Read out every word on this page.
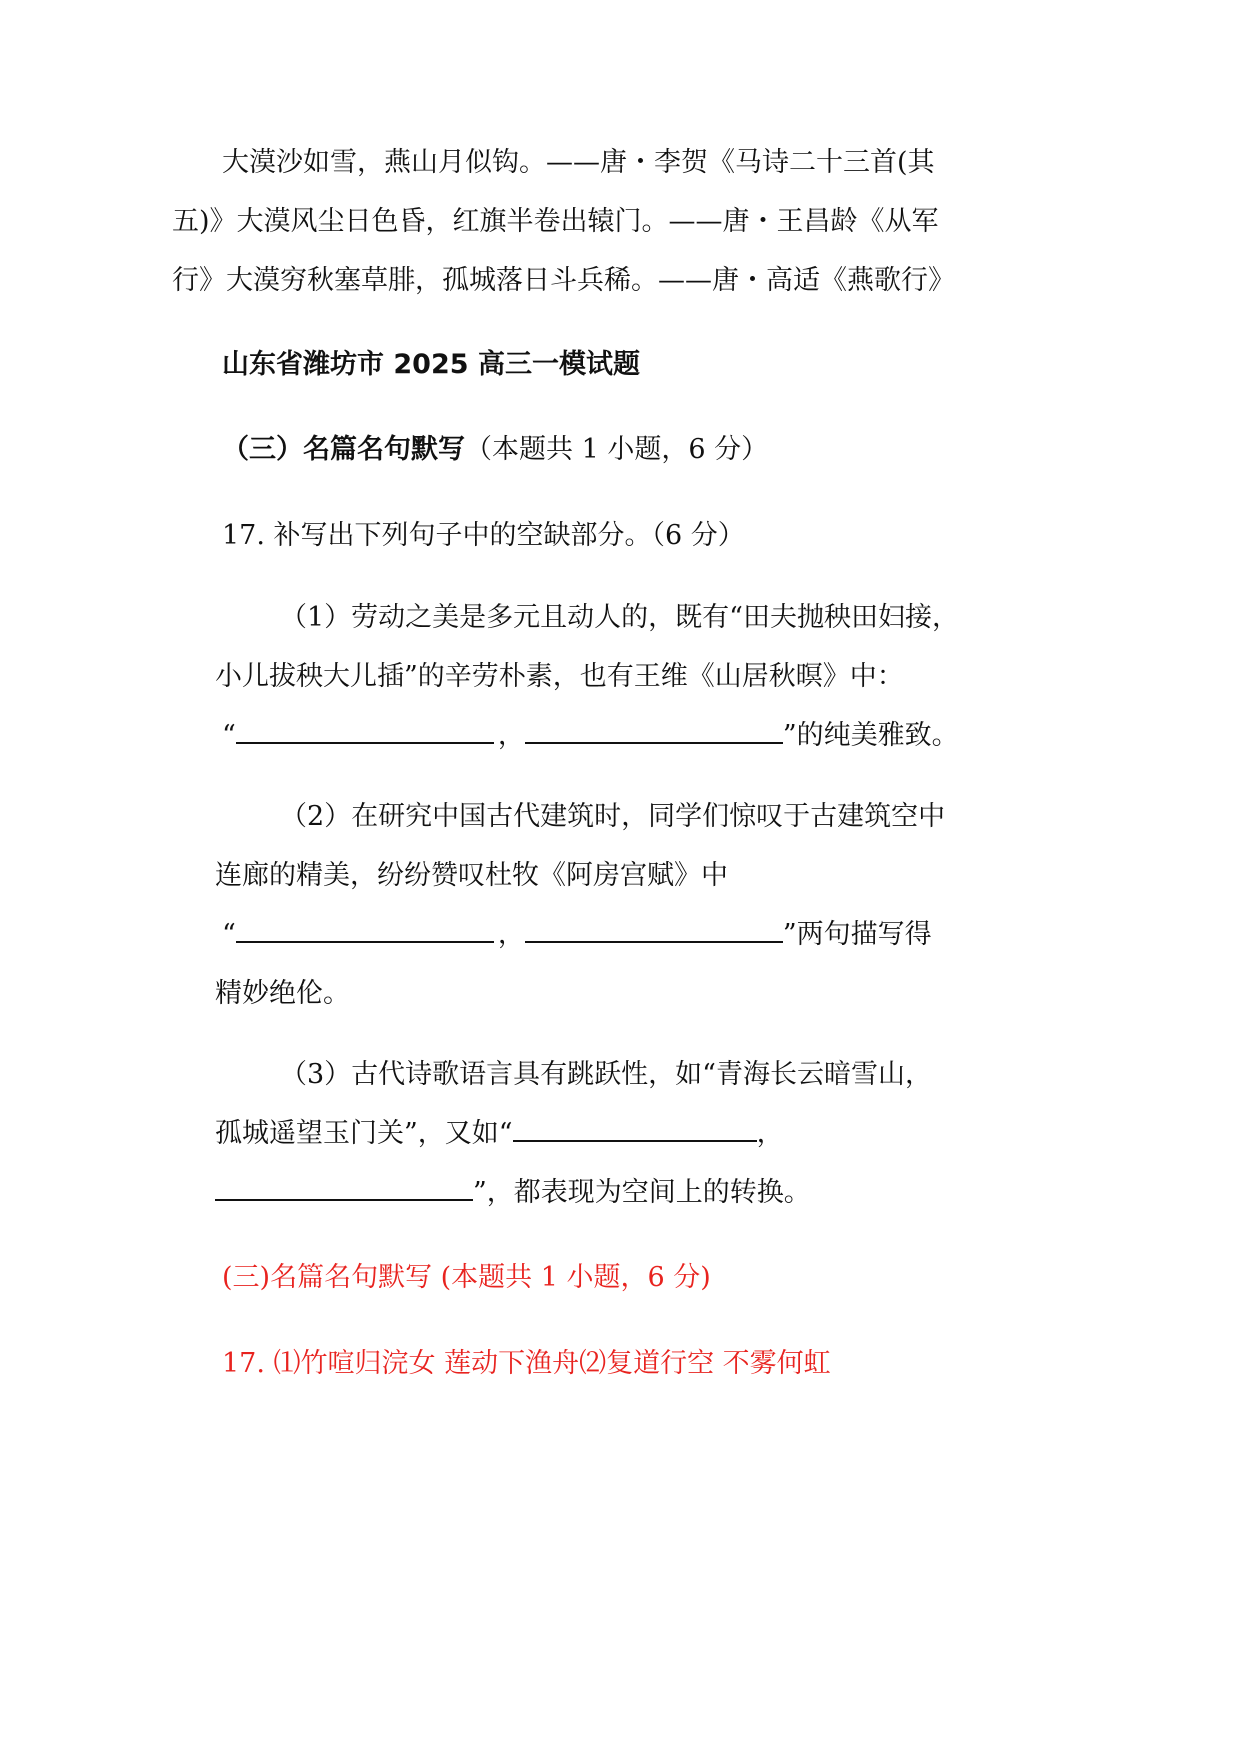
大漠沙如雪，燕山月似钩。——唐・李贺《马诗二十三首(其
五)》大漠风尘日色昏，红旗半卷出辕门。——唐・王昌龄《从军
行》大漠穷秋塞草腓，孤城落日斗兵稀。——唐・高适《燕歌行》
山东省潍坊市 2025 高三一模试题
（三）名篇名句默写（本题共 1 小题，6 分）
17. 补写出下列句子中的空缺部分。（6 分）
（1）劳动之美是多元且动人的，既有“田夫抛秧田妇接，
小儿拔秧大儿插”的辛劳朴素，也有王维《山居秋暝》中：
“	，	”的纯美雅致。
（2）在研究中国古代建筑时，同学们惊叹于古建筑空中
连廊的精美，纷纷赞叹杜牧《阿房宫赋》中
“	，	”两句描写得
精妙绝伦。
（3）古代诗歌语言具有跳跃性，如“青海长云暗雪山，
孤城遥望玉门关”，又如“	，
”，都表现为空间上的转换。
(三)名篇名句默写 (本题共 1 小题，6 分)
17. ⑴竹喧归浣女 莲动下渔舟⑵复道行空 不雾何虹
